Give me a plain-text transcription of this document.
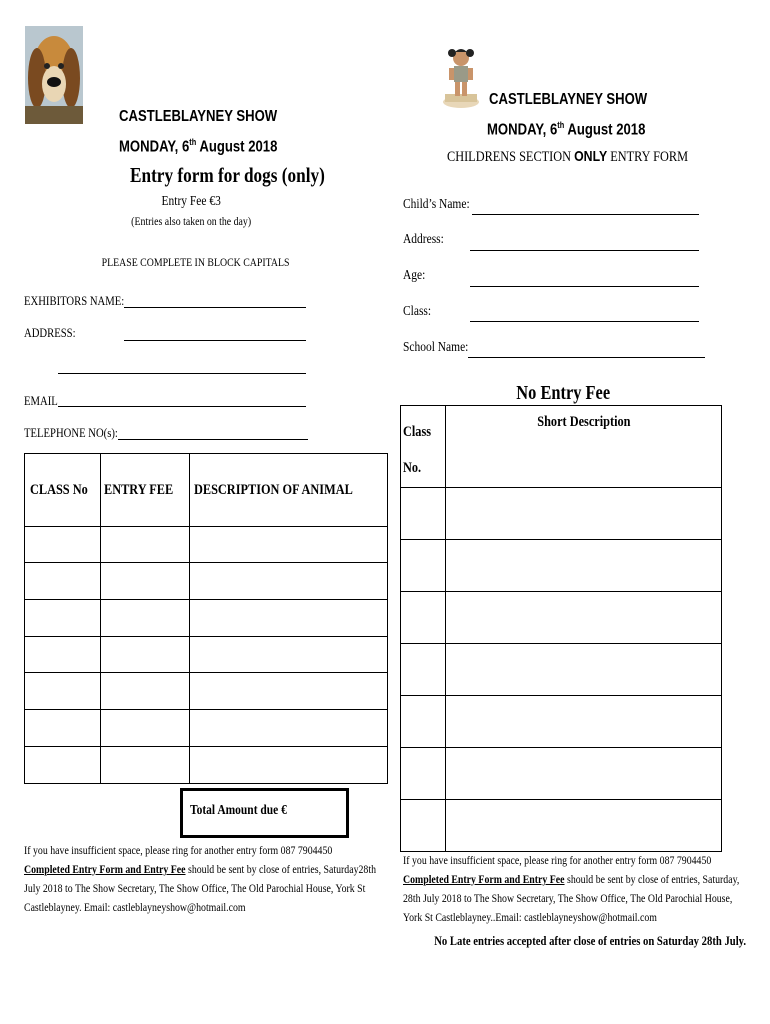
CASTLEBLAYNEY SHOW
MONDAY, 6th August 2018
Entry form for dogs (only)
Entry Fee €3
(Entries also taken on the day)
PLEASE COMPLETE IN BLOCK CAPITALS
EXHIBITORS NAME:
ADDRESS:
EMAIL
TELEPHONE NO(s):
CLASS No	ENTRY FEE	DESCRIPTION OF ANIMAL

Total Amount due €
If you have insufficient space, please ring for another entry form 087 7904450
Completed Entry Form and Entry Fee should be sent by close of entries, Saturday28th
July 2018 to The Show Secretary, The Show Office, The Old Parochial House, York St
Castleblayney. Email: castleblayneyshow@hotmail.com
CASTLEBLAYNEY SHOW
MONDAY, 6th August 2018
CHILDRENS SECTION ONLY ENTRY FORM
Child’s Name:
Address:
Age:
Class:
School Name:
No Entry Fee
Class
No.	Short Description

If you have insufficient space, please ring for another entry form 087 7904450
Completed Entry Form and Entry Fee should be sent by close of entries, Saturday,
28th July 2018 to The Show Secretary, The Show Office, The Old Parochial House,
York St Castleblayney..Email: castleblayneyshow@hotmail.com
No Late entries accepted after close of entries on Saturday 28th July.
